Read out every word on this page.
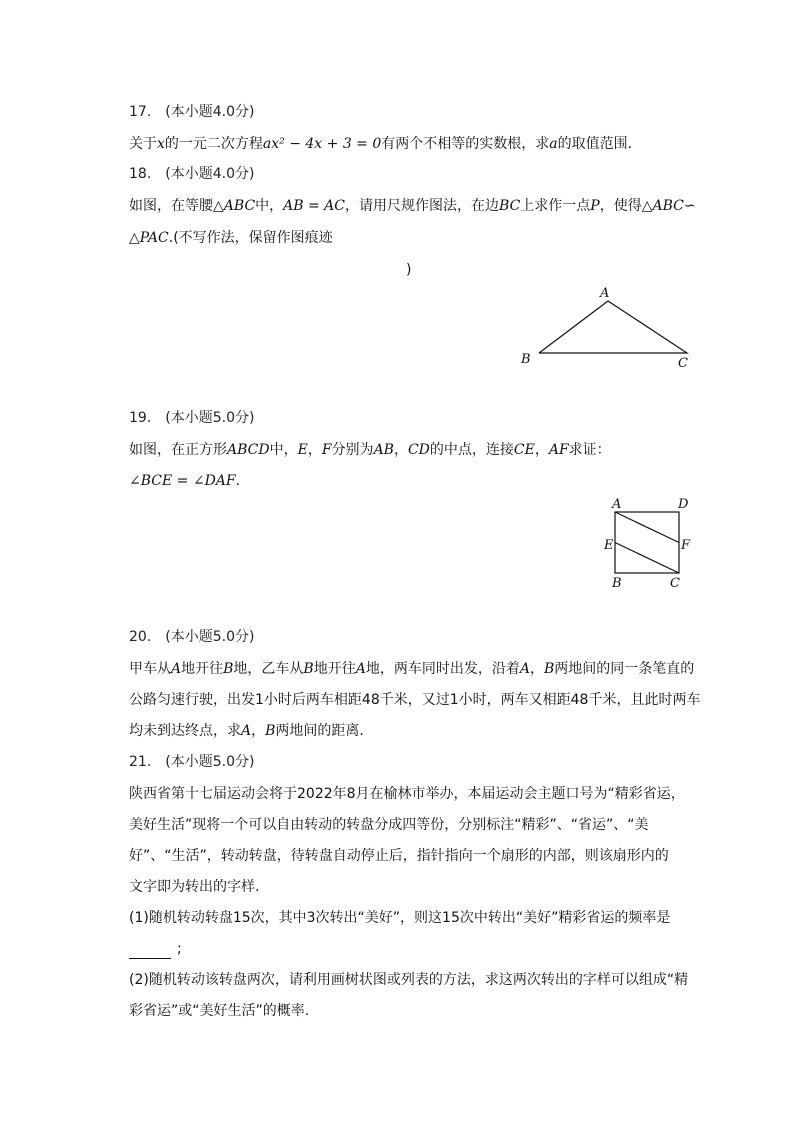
17.　(本小题4.0分)
关于x的一元二次方程ax² − 4x + 3 = 0有两个不相等的实数根，求a的取值范围.
18.　(本小题4.0分)
如图，在等腰△ABC中，AB = AC，请用尺规作图法，在边BC上求作一点P，使得△ABC∽
△PAC.(不写作法，保留作图痕迹
)
A
B	C
19.　(本小题5.0分)
如图，在正方形ABCD中，E，F分别为AB，CD的中点，连接CE，AF求证：
∠BCE = ∠DAF.
A	D
E	F
B	C
20.　(本小题5.0分)
甲车从A地开往B地，乙车从B地开往A地，两车同时出发，沿着A，B两地间的同一条笔直的
公路匀速行驶，出发1小时后两车相距48千米，又过1小时，两车又相距48千米，且此时两车
均未到达终点，求A，B两地间的距离.
21.　(本小题5.0分)
陕西省第十七届运动会将于2022年8月在榆林市举办，本届运动会主题口号为“精彩省运，
美好生活”现将一个可以自由转动的转盘分成四等份，分别标注“精彩”、“省运”、“美
好”、“生活”，转动转盘，待转盘自动停止后，指针指向一个扇形的内部，则该扇形内的
文字即为转出的字样.
(1)随机转动转盘15次，其中3次转出“美好”，则这15次中转出“美好”精彩省运的频率是
;
(2)随机转动该转盘两次，请利用画树状图或列表的方法，求这两次转出的字样可以组成“精
彩省运”或“美好生活”的概率.
